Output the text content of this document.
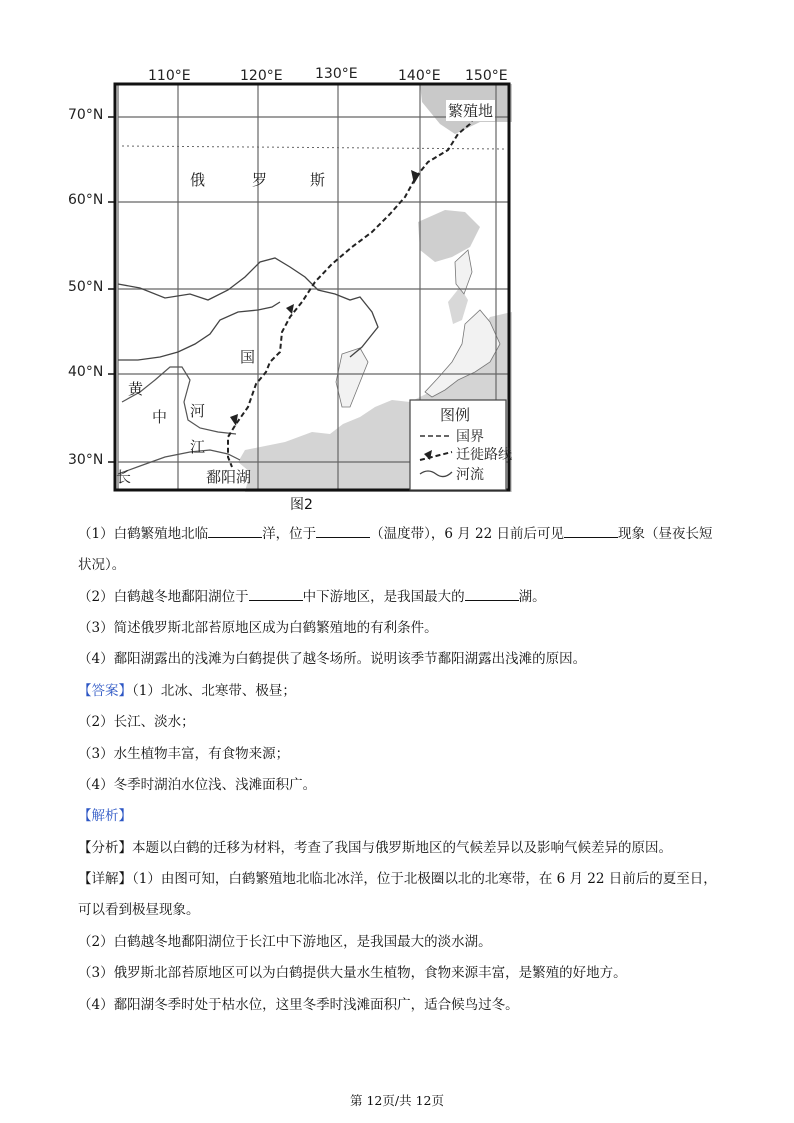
110°E	120°E 130°E	140°E 150°E
70°N
60°N
50°N
40°N
30°N
繁殖地
俄	罗	斯
国
黄
中 河
江
长	鄱阳湖
图例
国界
迁徙路线
河流
图2
（1）白鹤繁殖地北临	洋，位于	（温度带），6 月 22 日前后可见	现象（昼夜长短
状况）。
（2）白鹤越冬地鄱阳湖位于	中下游地区，是我国最大的	湖。
（3）简述俄罗斯北部苔原地区成为白鹤繁殖地的有利条件。
（4）鄱阳湖露出的浅滩为白鹤提供了越冬场所。说明该季节鄱阳湖露出浅滩的原因。
【答案】（1）北冰、北寒带、极昼；
（2）长江、淡水；
（3）水生植物丰富，有食物来源；
（4）冬季时湖泊水位浅、浅滩面积广。
【解析】
【分析】本题以白鹤的迁移为材料，考查了我国与俄罗斯地区的气候差异以及影响气候差异的原因。
【详解】（1）由图可知，白鹤繁殖地北临北冰洋，位于北极圈以北的北寒带，在 6 月 22 日前后的夏至日，
可以看到极昼现象。
（2）白鹤越冬地鄱阳湖位于长江中下游地区，是我国最大的淡水湖。
（3）俄罗斯北部苔原地区可以为白鹤提供大量水生植物，食物来源丰富，是繁殖的好地方。
（4）鄱阳湖冬季时处于枯水位，这里冬季时浅滩面积广，适合候鸟过冬。
第 12页/共 12页
